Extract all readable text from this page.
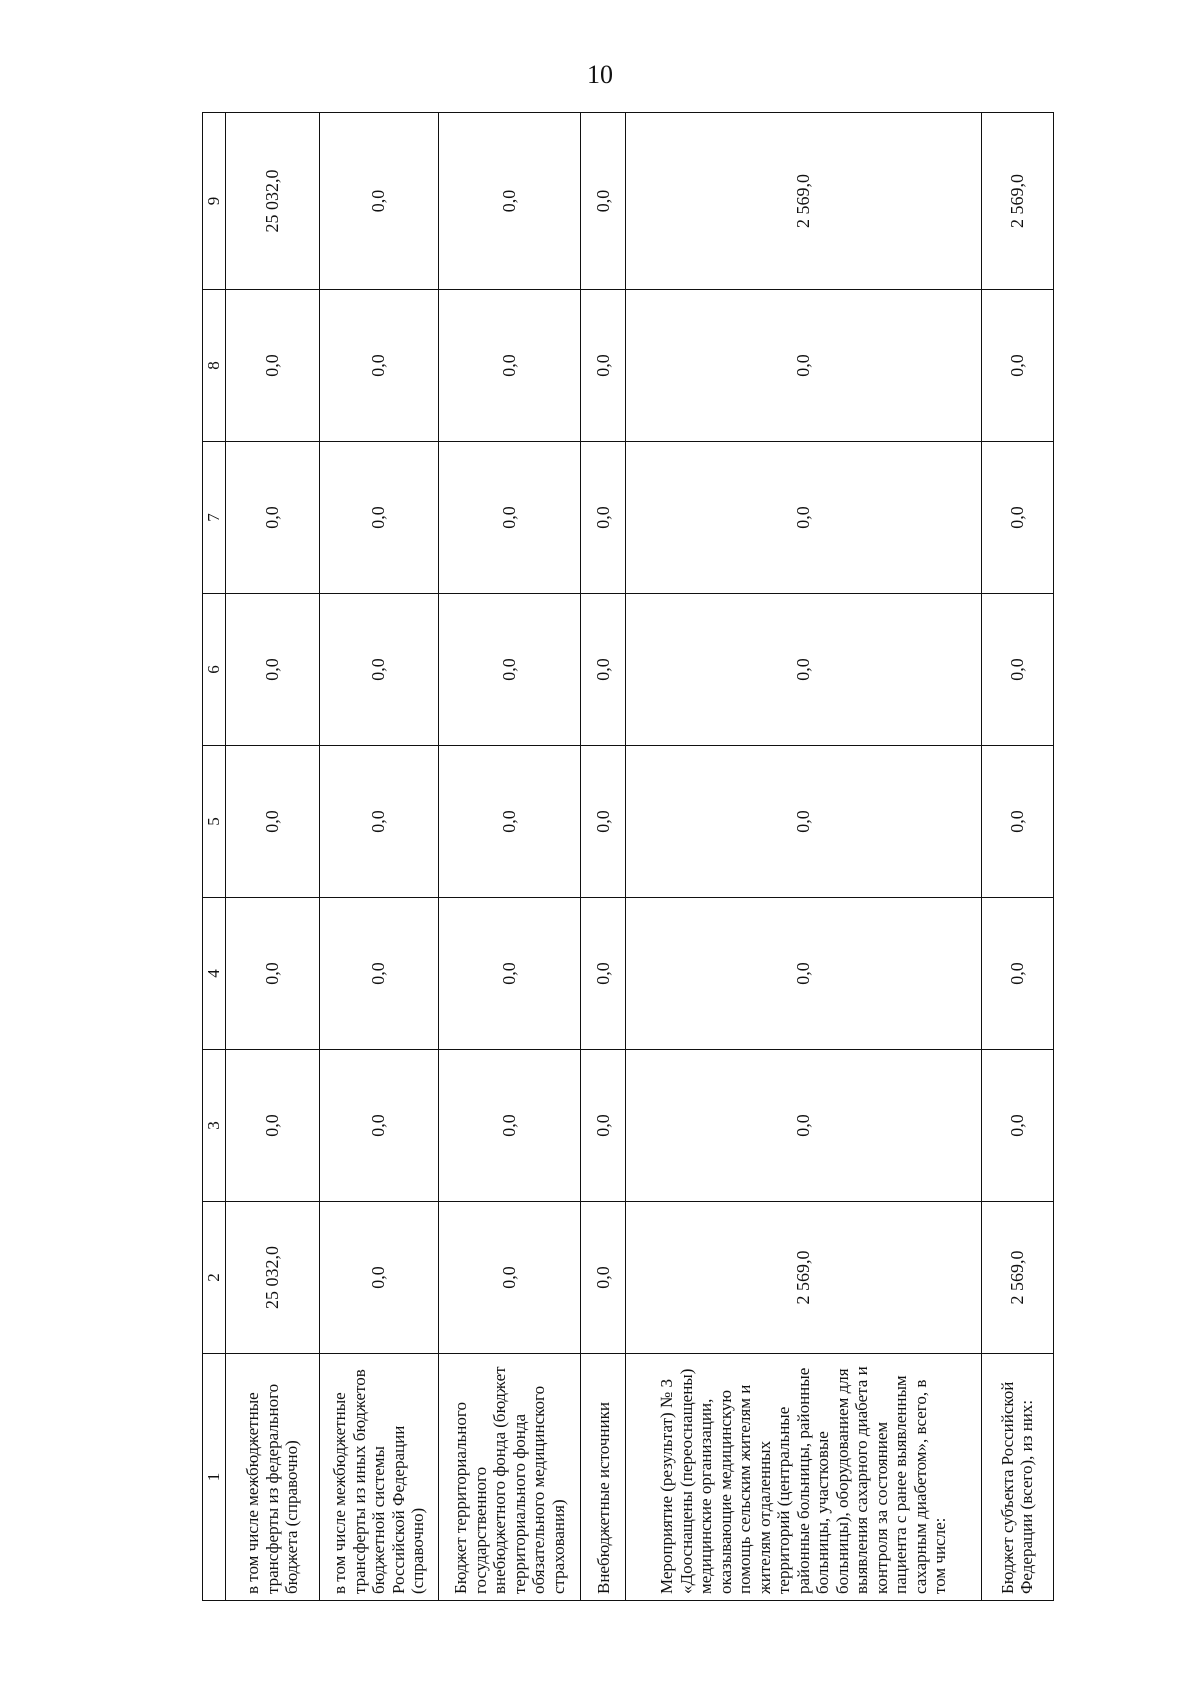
10
1	2	3	4	5	6	7	8	9
в том числе межбюджетные трансферты из федерального бюджета (справочно)	25 032,0	0,0	0,0	0,0	0,0	0,0	0,0	25 032,0
в том числе межбюджетные трансферты из иных бюджетов бюджетной системы Российской Федерации (справочно)	0,0	0,0	0,0	0,0	0,0	0,0	0,0	0,0
Бюджет территориального государственного внебюджетного фонда (бюджет территориального фонда обязательного медицинского страхования)	0,0	0,0	0,0	0,0	0,0	0,0	0,0	0,0
Внебюджетные источники	0,0	0,0	0,0	0,0	0,0	0,0	0,0	0,0
Мероприятие (результат) № 3 «Дооснащены (переоснащены) медицинские организации, оказывающие медицинскую помощь сельским жителям и жителям отдаленных территорий (центральные районные больницы, районные больницы, участковые больницы), оборудованием для выявления сахарного диабета и контроля за состоянием пациента с ранее выявленным сахарным диабетом», всего, в том числе:	2 569,0	0,0	0,0	0,0	0,0	0,0	0,0	2 569,0
Бюджет субъекта Российской Федерации (всего), из них:	2 569,0	0,0	0,0	0,0	0,0	0,0	0,0	2 569,0
